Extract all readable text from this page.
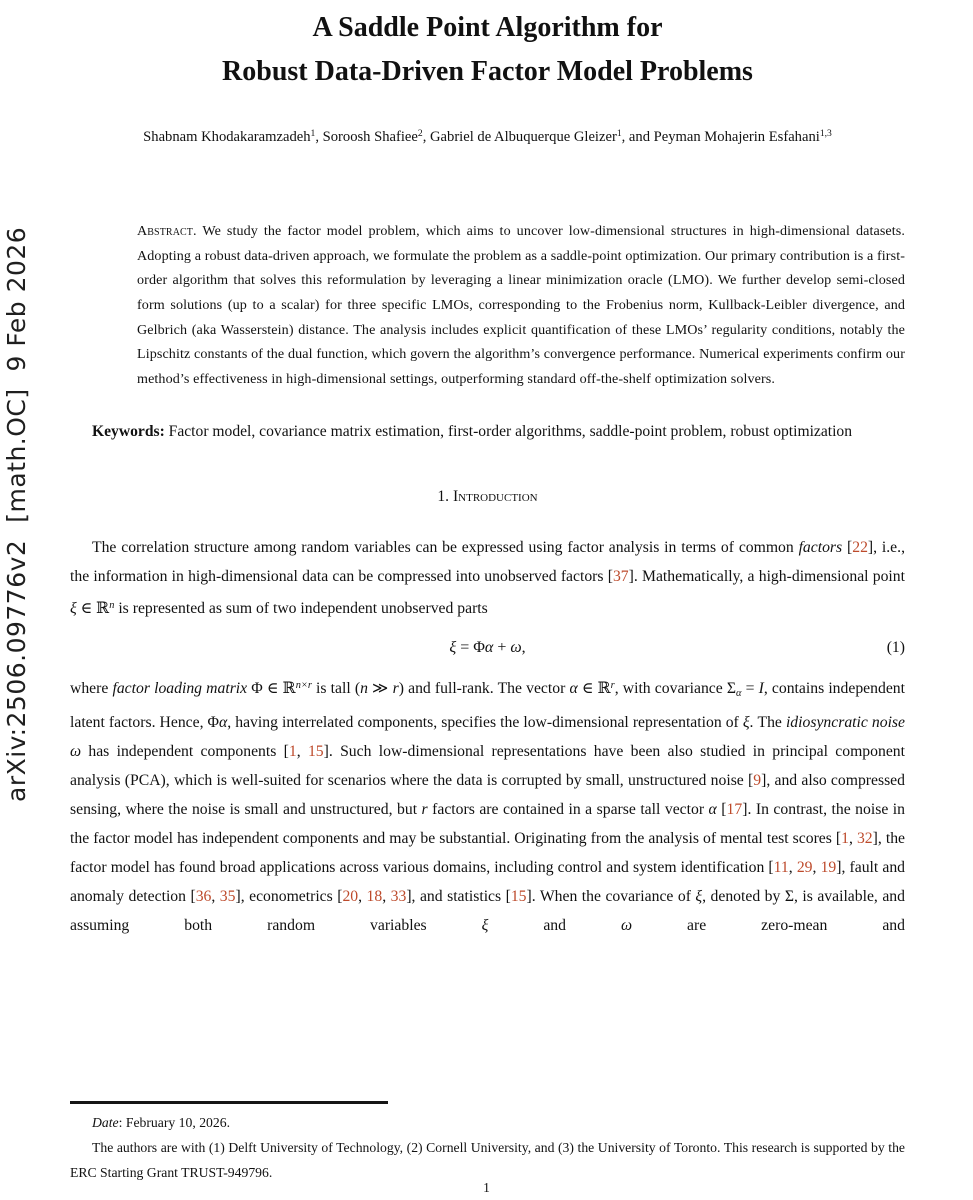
arXiv:2506.09776v2  [math.OC]  9 Feb 2026
A Saddle Point Algorithm for
Robust Data-Driven Factor Model Problems
Shabnam Khodakaramzadeh$^1$, Soroosh Shafiee$^2$, Gabriel de Albuquerque Gleizer$^1$, and Peyman Mohajerin Esfahani$^{1,3}$
Abstract. We study the factor model problem, which aims to uncover low-dimensional structures in high-dimensional datasets. Adopting a robust data-driven approach, we formulate the problem as a saddle-point optimization. Our primary contribution is a first-order algorithm that solves this reformulation by leveraging a linear minimization oracle (LMO). We further develop semi-closed form solutions (up to a scalar) for three specific LMOs, corresponding to the Frobenius norm, Kullback-Leibler divergence, and Gelbrich (aka Wasserstein) distance. The analysis includes explicit quantification of these LMOs’ regularity conditions, notably the Lipschitz constants of the dual function, which govern the algorithm’s convergence performance. Numerical experiments confirm our method’s effectiveness in high-dimensional settings, outperforming standard off-the-shelf optimization solvers.

Keywords: Factor model, covariance matrix estimation, first-order algorithms, saddle-point problem, robust optimization

1. Introduction

The correlation structure among random variables can be expressed using factor analysis in terms of common factors [22], i.e., the information in high-dimensional data can be compressed into unobserved factors [37]. Mathematically, a high-dimensional point ξ ∈ ℝ$^n$ is represented as sum of two independent unobserved parts

ξ = Φα + ω,	(1)

where factor loading matrix Φ ∈ ℝ$^{n\times r}$ is tall (n ≫ r) and full-rank. The vector α ∈ ℝ$^r$, with covariance Σα = I, contains independent latent factors. Hence, Φα, having interrelated components, specifies the low-dimensional representation of ξ. The idiosyncratic noise ω has independent components [1, 15]. Such low-dimensional representations have been also studied in principal component analysis (PCA), which is well-suited for scenarios where the data is corrupted by small, unstructured noise [9], and also compressed sensing, where the noise is small and unstructured, but r factors are contained in a sparse tall vector α [17]. In contrast, the noise in the factor model has independent components and may be substantial. Originating from the analysis of mental test scores [1, 32], the factor model has found broad applications across various domains, including control and system identification [11, 29, 19], fault and anomaly detection [36, 35], econometrics [20, 18, 33], and statistics [15]. When the covariance of ξ, denoted by Σ, is available, and assuming both random variables ξ and ω are zero-mean and

Date: February 10, 2026.

The authors are with (1) Delft University of Technology, (2) Cornell University, and (3) the University of Toronto. This research is supported by the ERC Starting Grant TRUST-949796.

1
